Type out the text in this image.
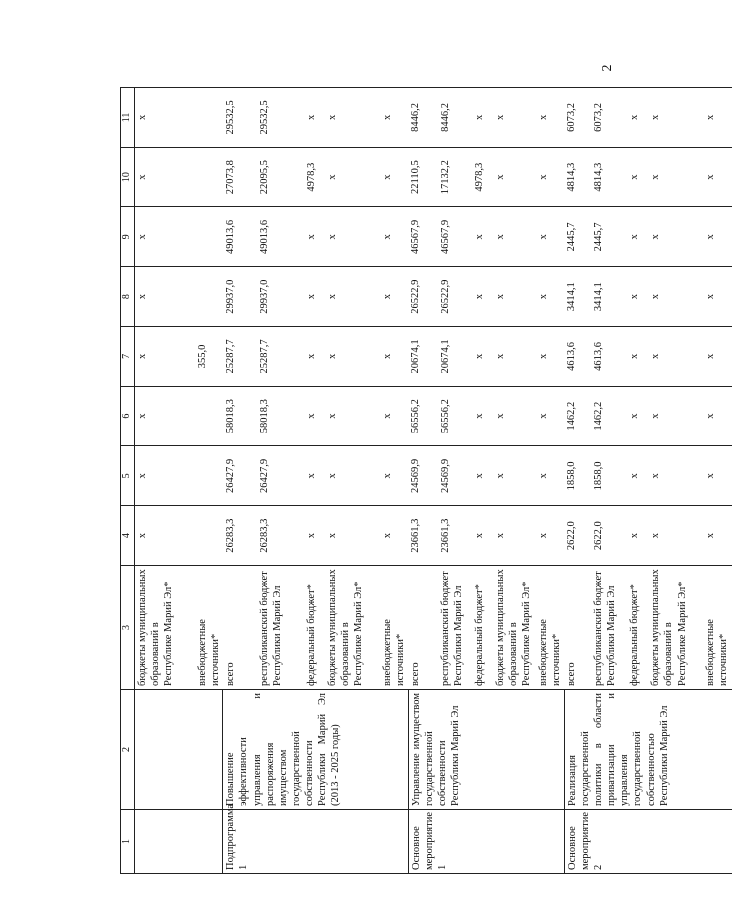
2
1	2	3	4	5	6	7	8	9	10	11
		бюджеты муниципальных образований в Республике Марий Эл*	х	х	х	х	х	х	х	х
		внебюджетные источники*				355,0				
Подпрограмма 1	Повышение эффективности управления и распоряжения имуществом государственной собственности Республики Марий Эл (2013 - 2025 годы)	всего	26283,3	26427,9	58018,3	25287,7	29937,0	49013,6	27073,8	29532,5
		республиканский бюджет Республики Марий Эл	26283,3	26427,9	58018,3	25287,7	29937,0	49013,6	22095,5	29532,5
		федеральный бюджет*	х	х	х	х	х	х	4978,3	х
		бюджеты муниципальных образований в Республике Марий Эл*	х	х	х	х	х	х	х	х
		внебюджетные источники*	х	х	х	х	х	х	х	х
Основное мероприятие 1	Управление имуществом государственной собственности Республики Марий Эл	всего	23661,3	24569,9	56556,2	20674,1	26522,9	46567,9	22110,5	8446,2
		республиканский бюджет Республики Марий Эл	23661,3	24569,9	56556,2	20674,1	26522,9	46567,9	17132,2	8446,2
		федеральный бюджет*	х	х	х	х	х	х	4978,3	х
		бюджеты муниципальных образований в Республике Марий Эл*	х	х	х	х	х	х	х	х
		внебюджетные источники*	х	х	х	х	х	х	х	х
Основное мероприятие 2	Реализация государственной политики в области приватизации и управления государственной собственностью Республики Марий Эл	всего	2622,0	1858,0	1462,2	4613,6	3414,1	2445,7	4814,3	6073,2
		республиканский бюджет Республики Марий Эл	2622,0	1858,0	1462,2	4613,6	3414,1	2445,7	4814,3	6073,2
		федеральный бюджет*	х	х	х	х	х	х	х	х
		бюджеты муниципальных образований в Республике Марий Эл*	х	х	х	х	х	х	х	х
		внебюджетные источники*	х	х	х	х	х	х	х	х
